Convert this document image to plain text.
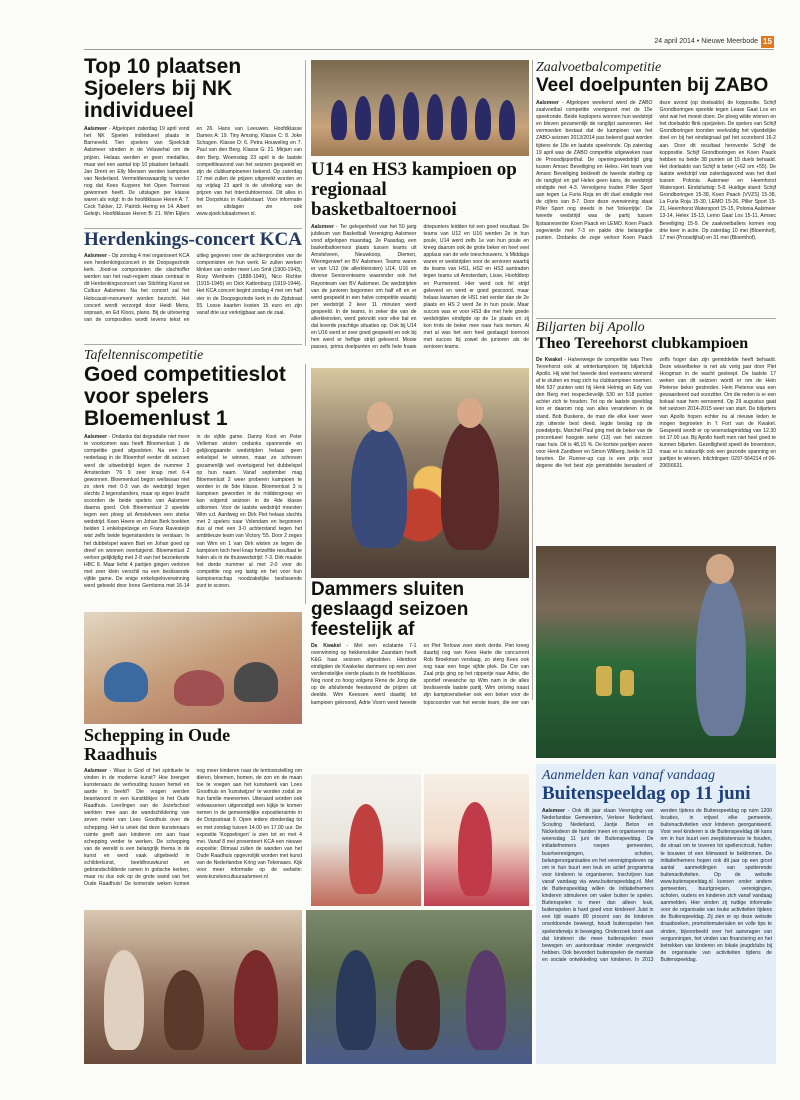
24 april 2014 • Nieuwe Meerbode 15
Top 10 plaatsen Sjoelers bij NK individueel
Aalsmeer - Afgelopen zaterdag 19 april vond het NK Sjoelen individueel plaats in Barneveld. Tien sjoelers van Sjoelclub Aalsmeer streden in de Veluwehal om de prijzen. Helaas werden er geen medailles, maar wel een aantal top 10 plaatsen behaald. Jan Drent en Elly Mensen werden kampioen van Nederland. Vermeldenswaardig is verder nog dat Kees Kuypers het Open Toernooi gewonnen heeft. De uitslagen per klasse waren als volgt: In de hoofdklasse Heren A: 7. Cock Tukker, 12. Patrick Hering en 14. Albert Geleijn. Hoofdklasse Heren B: 21. Wim Eijlers en 26. Hans van Leeuwen. Hoofdklasse Dames A: 19. Tiny Amsing. Klasse C: 8. Joke Schagen. Klasse D: 6. Petra Houweling en 7. Paul van den Berg. Klasse G: 21. Mirjam van den Berg. Woensdag 23 april is de laatste competitieavond van het seizoen gespeeld en zijn de clubkampioenen bekend. Op zaterdag 17 mei zullen de prijzen uitgereikt worden en op vrijdag 23 april is de uitreiking van de prijzen van het Interclubtoernooi. Dit alles in het Dorpshuis in Kudelstaart. Voor informatie en uitslagen zie ook www.sjoelclubaalsmeer.nl.
Herdenkings-concert KCA
Aalsmeer - Op zondag 4 mei organiseert KCA een herdenkingsconcert in de Doopsgezinde kerk. Jood-se componisten die slachtoffer werden van het nazi-regiem staan centraal in dit Herdenkingsconcert van Stichting Kunst en Cultuur Aalsmeer. Na het concert zal het Holocaust-monument worden bezocht. Het concert wordt verzorgd door Heidi Mens, sopraan, en Ed Kloos, piano. Bij de uitvoering van de composities wordt tevens tekst en uitleg gegeven over de achtergronden van de componisten en hun werk. Er zullen werken klinken van onder meer Leo Smit (1900-1943), Rosy Wertheim (1888-1949), Nico Richter (1915-1945) en Dick Kattenburg (1919-1944). Het KCA concert begint zondag 4 mei om half vier in de Doopsgezinde kerk in de Zijdstraat 55. Losse kaarten kosten 15 euro en zijn vanaf drie uur verkrijgbaar aan de zaal.
U14 en HS3 kampioen op regionaal basketbaltoernooi
Aalsmeer - Ter gelegenheid van het 50 jarig jubileum van Basketball Vereniging Aalsmeer vond afgelopen maandag, 2e Paasdag, een basketbaltoernooi plaats tussen teams uit Amstelveen, Nieuwkoop, Diemen, Wieringerwerf en BV Aalsmeer. Teams waren er van U12 (de allerkleinsten) U14, U16 en diverse Seniorenteams waaronder ook het Rayonteam van BV Aalsmeer. De wedstrijden van de junioren begonnen om half elf en er werd gespeeld in een halve competitie waarbij per wedstrijd 2 keer 11 minuten werd gespeeld. In de teams, in zeker die van de allerkleinsten, werd geknokt voor elke bal en dat leverde prachtige situaties op. Ook bij U14 en U16 werd er zeer goed gespeeld en ook bij hen werd er heftige strijd geleverd. Mooie passes, prima doelpunten en zelfs hele fraaie driepunters leidden tot een goed resultaat. De teams van U12 en U16 werden 2e in hun poule, U14 werd zelfs 1e van hun poule en kreeg daarom ook de grote beker en heel veel applaus van de vele toeschouwers. 's Middags waren er wedstrijden voor de senioren waarbij de teams van HS1, HS2 en HS3 aantraden tegen teams uit Amsterdam, Lisse, Hoofddorp en Purmerend. Hier werd ook fel strijd geleverd en werd er goed gescoord, maar helaas kwamen de HS1 niet verder dan de 2e plaats en HS 2 werd 3e in hun poule. Maar succes was er voor HS3 die met hele goede wedstrijden eindigde op de 1e plaats en zij kon trots de beker mee naar huis nemen. Al met al was het een heel geslaagd toernooi met succes bij zowel de junioren als de senioren teams.
Zaalvoetbalcompetitie
Veel doelpunten bij ZABO
Aalsmeer - Afgelopen weekend werd de ZABO zaalvoetbal competitie voortgezet met de 15e speelronde. Beide koplopers wonnen hun wedstrijd en bleven gezamenlijk de ranglijst aanvoeren. Het vermoeden bestaat dat de kampioen van het ZABO-seizoen 2013/2014 pas bekend gaat worden tijdens de 18e en laatste speelronde. Op zaterdag 19 april was de ZABO competitie uitgeweken naar de Proosdijsporthal. De openingswedstrijd ging tussen Amsec Beveiliging en Helex. Het team van Amsec Beveiliging bekleedt de tweede stelling op de ranglijst en gaf Helex geen kans, de wedstrijd eindigde met 4-3. Vervolgens traden Piller Sport aan tegen La Furia Roja en dit duel eindigde met de cijfers van 8-7. Door deze overwinning staat Piller Sport nog steeds in het 'linkerrijtje'. De tweede wedstrijd was de partij tussen lijstaanvoerder Koen Paack en LEMO. Koen Paack zegevierde met 7-3 en pakte drie belangrijke punten. Ondanks de zege verloor Koen Paack deze avond (op doelsaldo) de koppositie. Schijf Grondboringen speelde tegen Lease Gaat Los en wist wat het moest doen. De ploeg wilde winnen en het doelsaldo flink opvijzelen. De spelers van Schijf Grondboringen toonden veelvuldig het vijandelijke doel en bij het eindsignaal gaf het scorebord 16-2 aan. Door dit resultaat heroverde Schijf de koppositie. Schijf Grondboringen en Koen Paack hebben nu beide 38 punten uit 15 duels behaald. Het doelsaldo van Schijf is beter (+62 om +55). De laatste wedstrijd van zaterdagavond was het duel tussen Polonia Aalsmeer en Heemhorst Watersport. Eindsiluitsig: 5-8. Huidige stand: Schijf Grondboringen 15-38, Koen Paack (VVZS) 15-38, La Furia Roja 15-30, LEMO 15-26, Piller Sport 15-21, Heemhorst Watersport 15-15, Polonia Aalsmeer 13-14, Helex 15-13, Lemo Gaat Los 15-11, Amsec Beveiliging 15-9. De zaalvoetballers komen nog drie keer in actie. Op zaterdag 10 mei (Bloemhof), 17 mei (Proosdijhal) en 31 mei (Bloemhof).
Tafeltenniscompetitie
Goed competitieslot voor spelers Bloemenlust 1
Aalsmeer - Ondanks dat degradatie niet meer te voorkomen was heeft Bloemenlust 1 de competitie goed afgesloten. Na een 1-9 nederlaag in de Bloemhof eerder dit seizoen werd de uitwedstrijd tegen de nummer 3 Amsterdam '76 9 zeer knap met 6-4 gewonnen. Bloemenlust begon wellswaar niet zo sterk met 0-3 van de wedstrijd tegen slechts 2 tegenstanders, maar op eigen kracht scoorden de beide spelers van Aalsmeer daarna goed. Ook Bloemenlust 2 speelde tegen een ploeg uit Amstelveen een sterke wedstrijd. Koen Heere en Johan Berk boekten beiden 1 enkelspelzege en Frans Ravesteijn wist zelfs beide tegenstanders te verslaan. In het dubbelspel waren Bart en Johan goed op dreef en wonnen overtuigend. Bloemenlust 2 verloor gelijktijdig met 2-8 van het bezoekende HBC 8. Maar liefst 4 partijen gingen verloren met zeer klein verschil na een beslissende vijfde game. De enige enkelspeloverwinning werd geboekt door Irene Gerritsma met 16-14 in de vijfde game. Danny Koot en Peter Velleman wisten ondanks spannende en gelijkopgaande wedstrijden helaas geen enkelspel te winnen, maar ze schreven gezamenlijk wel overtuigend het dubbelspel op hun naam. Vanaf september mag Bloemenlust 2 weer proberen kampioen te worden in de 5de klasse. Bloemenlust 3 is kampioen geworden in de middengroep en kan volgend seizoen in de 4de klasse uitkomen. Voor de laatste wedstrijd moesten Wim v.d. Aardweg en Dirk Piet helaas slechts met 2 spelers naar Volendam en begonnen dus al met een 3-0 achterstand tegen het ambitieuze team van Victory '55. Door 2 zeges van Wim en 1 van Dirk wisten ze tegen de kampioen toch heel knap hetzelfde resultaat te halen als in de thuiswedstrijd: 7-3. Dirk maakte het derde nummer al met 2-0 voor de competitie nog erg lastig en het voor hun kampioenschap noodzakelijke beslissende punt te scoren.	Dammers sluiten geslaagd seizoen feestelijk af
De Kwakel - Met een eclatante 7-1 overwinning op hekkensluiter Zaandam heeft K&G haar seizoen afgesloten. Hierdoor eindigden de Kwakelse dammers op een zeer verdienstelijke vierde plaats in de hoofdklasse. Nog nooit zo hoog volgens Rene de Jong die op de afsluitende feestavond de prijzen uit deelde. Wim Keessen werd daarbij tot kampioen gekroond, Adrie Voorn werd tweede en Piet Terlouw zeer sterk derde. Piet kreeg daarbij nog van Kees Harte die concurrent Rob Broekman verslaag, zo sterg Kees ook nog naar een hoge vijfde plek. De Cor van Zaal prijs ging op het nippertje naar Adrie, die sportief reveanche op Wim nam in de alles beslissende laatste partij. Wim ontving naast zijn kampioensbeker ook een beker voor de topscoorder van het eerste team, die eer van
Biljarten bij Apollo
Theo Tereehorst clubkampioen
De Kwakel - Halverwege de competitie was Theo Tereehorst ook al winterkampioen bij biljartclub Apollo. Hij wist het tweede deel eveneens winnend af te sluiten en mag zich nu clubkampioen noemen. Met 537 punten wist hij Henk Helmig en Edy van den Berg met respectievelijk 530 en 518 punten achter zich te houden. Tot op de laatste speeldag kon er daarom nog van alles veranderen in de stand. Bob Buskens, de man die elke keer weer zijn uiterste best deed, legde beslag op de poedelprijs. Marchel Paul ging met de beker van de procentueel hoogste serie (13) van het seizoen naar huis. Dit is 48,15 %. De kortste partijen waren voor Henk Zandbeer en Simon Wilberg, beide in 13 beurten. De Runner-up cup is een prijs voor degene die het best zijn gemiddelde benaderd of zelfs hoger dan zijn gemiddelde heeft behaald. Deze wisselbeker is net als vorig jaar door Piet Hoogman in de wacht gesleept. De laatste 17 weken van dit seizoen wordt er om de Hein Pieterse beker gestreden. Hein Pieterse was een gewaardeerd oud voorzitter. Om die reden is er een bokaal naar hem vernoemd. Op 29 augustus gaat het seizoen 2014-2015 weer van start. De biljarters van Apollo hopen echter nu al nieuwe leden te mogen begroeten in 't Fort van de Kwakel. Gespeeld wordt er op woensdagmiddag van 12.30 tot 17.00 uur. Bij Apollo heeft men niet heel goed te kunnen biljarten. Gezelligheid speelt de boventoon, maar er is natuurlijk ook een gezonde spanning en partijen te winnen. Inlichtingen: 0297-564214 of 06-20656631.
Schepping in Oude Raadhuis
Aalsmeer - Waar is God of het spirituele te vinden in de moderne kunst? Hoe brengen kunstenaars de verhouding tussen hemel en aarde in beeld? Die vragen werden beantwoord in een kunstklikjes in het Oude Raadhuis. Leerlingen van de Jozefschool werkten mee aan de wandschildering van zeven meter van Loes Groothuis over de schepping. Het is uniek dat deze kunstenaars ruimte geeft aan kinderen om aan haar schepping verder te werken. De schepping van de wereld is een belangrijk thema in de kunst en werd vaak uitgebeeld in schilderkunst, beeldhouwkunst en gebrandschilderde ramen in gotische kerken, maar nu dus ook op de grote wand van het Oude Raadhuis! De komende weken komen nog meer kinderen naar de tentoonstelling om dieren, bloemen, bomen, de zon en de maan toe te voegen aan het kunstwerk van Loes Groothuis en 'kunstwijzer' te worden zodat ze hun familie meenemen. Uiteraard worden ook volwassenen uitgenodigd een kijkje te komen nemen in de gemeentelijke expositieruimte in de Dorpsstraat 9. Open iedere donderdag tot en met zondag tussen 14.00 en 17.00 uur. De expositie 'Koppelingen' is zien tot en met 4 mei. Vanaf 8 mei presenteert KCA een nieuwe expositie: Ditmaal zullen de wanden van het Oude Raadhuis opgevrolijkt worden met kunst van de Nederlandse Kring van Tekenaars. Kijk voor meer informatie op de website: www.kunstencultuuraalsmeer.nl
Aanmelden kan vanaf vandaag
Buitenspeeldag op 11 juni
Aalsmeer - Ook dit jaar slaan Vereniging van Nederlandse Gemeenten, Verkeer Nederland, Scouting Nederland, Jantje Beton en Nickelodeon de handen ineen en organiseren op woensdag 11 juni de Buitenspeeldag. De initiatiefnemers roepen gemeenten, buurtverenigingen, scholen, belangenorganisaties en het verenigingsleven op om in hun buurt een leuk en actief programma voor kinderen te organiseren. Inschrijven kan vanaf vandaag via www.buitenspeeldag.nl. Met de Buitenspeeldag willen de initiatiefnemers kinderen stimuleren om vaker buiten te spelen. Buitenspelen is meer dan alleen leuk, buitenspelen is hard goed voor kinderen! Juist in een tijd waarin 80 procent van de kinderen onvoldoende beweegt, houdt buitenspelen hen spelenderwijs in beweging. Onderzoek toont aan dat kinderen die meer buitenspelen meer bewegen en aantoonbaar minder overgewicht hebben. Ook bevordert buitenspelen de mentale en sociale ontwikkeling van kinderen. In 2013 werden tijdens de Buitenspeeldag op ruim 1200 locaties, in vrijwel elke gemeente, buitenactiviteiten voor kinderen georganiseerd. Voor veel kinderen is de Buitenspeeldag dé kans om in hun buurt een zeepkistenrace te houden, de straat om te toveren tot spellencircuit, hutten te bouwen of een klimwand te beklimmen. De initiatiefnemers hopen ook dit jaar op een groot aantal aanmeldingen van spetterende buitenactiviteiten. Op de website www.buitenspeeldag.nl kunnen onder andere gemeenten, buurtgroepen, verenigingen, scholen, ouders en kinderen zich vanaf vandaag aanmelden. Hier vinden zij nuttige informatie voor de organisatie van leuke activiteiten tijdens de Buitenspeeldag. Zij zien er op deze website draaiboeken, promotiematerialen en volle tips te vinden, bijvoorbeeld over het aanvragen van vergunningen, het vinden van financiering en het betrekken van kinderen en lokale jeugdclubs bij de organisatie van activiteiten tijdens de Buitenspeeldag.
